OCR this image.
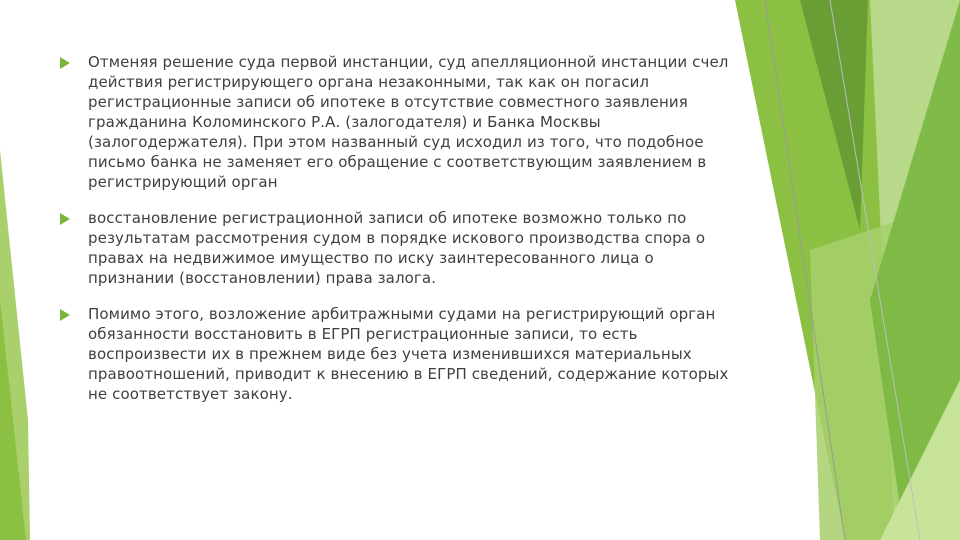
Отменяя решение суда первой инстанции, суд апелляционной инстанции счел действия регистрирующего органа незаконными, так как он погасил регистрационные записи об ипотеке в отсутствие совместного заявления гражданина Коломинского Р.А. (залогодателя) и Банка Москвы (залогодержателя). При этом названный суд исходил из того, что подобное письмо банка не заменяет его обращение с соответствующим заявлением в регистрирующий орган
восстановление регистрационной записи об ипотеке возможно только по результатам рассмотрения судом в порядке искового производства спора о правах на недвижимое имущество по иску заинтересованного лица о признании (восстановлении) права залога.
Помимо этого, возложение арбитражными судами на регистрирующий орган обязанности восстановить в ЕГРП регистрационные записи, то есть воспроизвести их в прежнем виде без учета изменившихся материальных правоотношений, приводит к внесению в ЕГРП сведений, содержание которых не соответствует закону.
